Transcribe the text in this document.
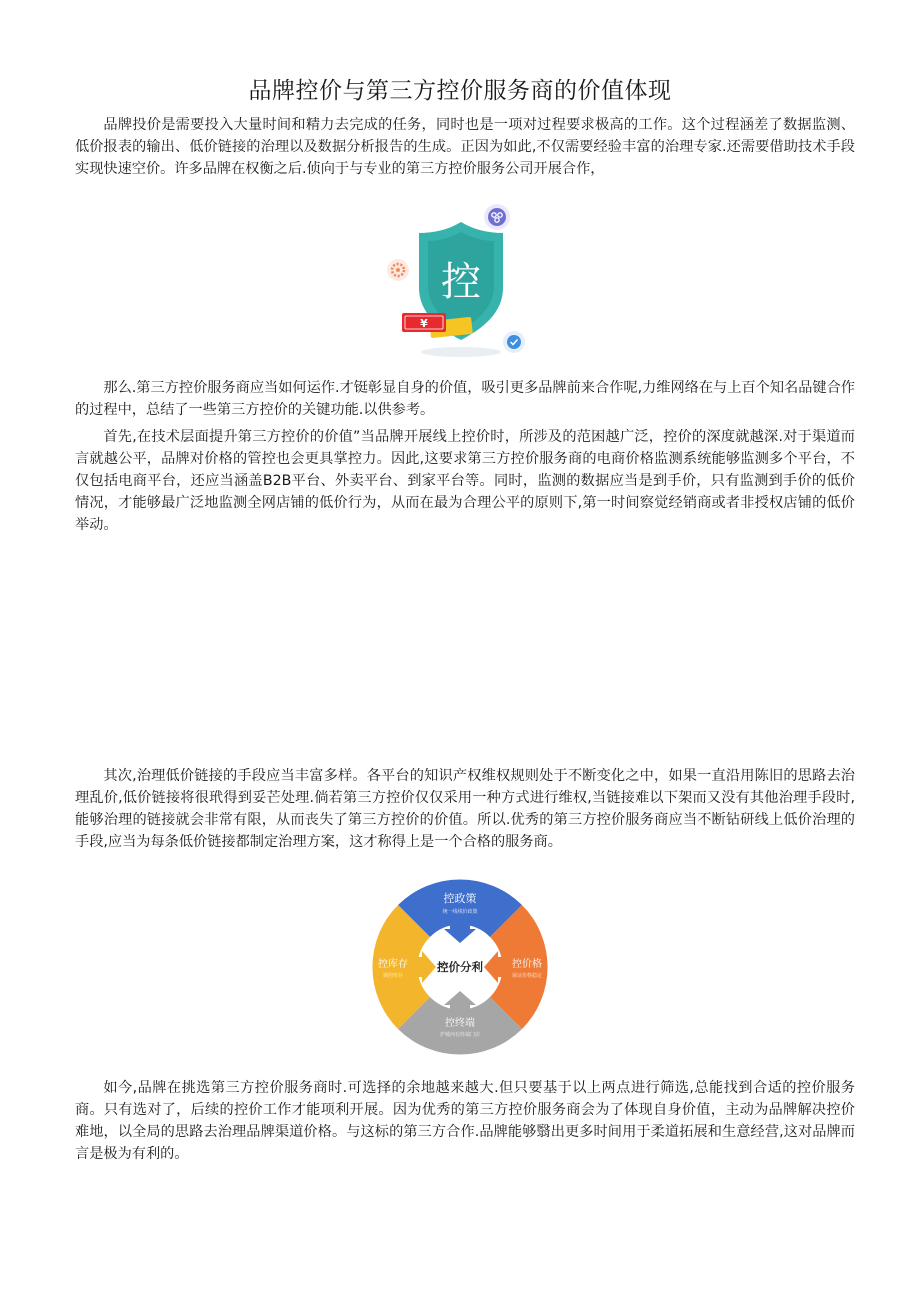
品牌控价与第三方控价服务商的价值体现

品牌投价是需要投入大量时间和精力去完成的任务，同时也是一项对过程要求极高的工作。这个过程涵差了数据监测、低价报表的输出、低价链接的治理以及数据分析报告的生成。正因为如此,不仅需要经验丰富的治理专家.还需要借助技术手段实现快速空价。许多品牌在权衡之后.侦向于与专业的第三方控价服务公司开展合作，

控
¥

那么.第三方控价服务商应当如何运作.才铤彰显自身的价值，吸引更多品牌前来合作呢,力维网络在与上百个知名品键合作的过程中，总结了一些第三方控价的关键功能.以供参考。

首先,在技术层面提升第三方控价的价值”当品牌开展线上控价时，所涉及的范困越广泛，控价的深度就越深.对于渠道而言就越公平，品牌对价格的管控也会更具掌控力。因此,这要求第三方控价服务商的电商价格监测系统能够监测多个平台，不仅包括电商平台，还应当涵盖B2B平台、外卖平台、到家平台等。同时，监测的数据应当是到手价，只有监测到手价的低价情况，才能够最广泛地监测全网店铺的低价行为，从而在最为合理公平的原则下,第一时间察觉经销商或者非授权店铺的低价举动。

其次,治理低价链接的手段应当丰富多样。各平台的知识产权维权规则处于不断变化之中，如果一直沿用陈旧的思路去治理乱价,低价链接将很玳得到妥芒处理.倘若第三方控价仅仅采用一种方式进行维权,当链接难以下架而又没有其他治理手段时,能够治理的链接就会非常有限，从而丧失了第三方控价的价值。所以.优秀的第三方控价服务商应当不断钻研线上低价治理的手段,应当为每条低价链接都制定治理方案，这才称得上是一个合格的服务商。

控政策
统一线线价政策
控价格
保证价格稳定
控终端
护城河在终端门店
控库存
调控库存
控价分利

如今,品牌在挑选第三方控价服务商时.可选择的余地越来越大.但只要基于以上两点进行筛选,总能找到合适的控价服务商。只有选对了，后续的控价工作才能项利开展。因为优秀的第三方控价服务商会为了体现自身价值，主动为品牌解决控价难地，以全局的思路去治理品牌渠道价格。与这标的第三方合作.品牌能够翳出更多时间用于柔道拓展和生意经营,这对品牌而言是极为有利的。
